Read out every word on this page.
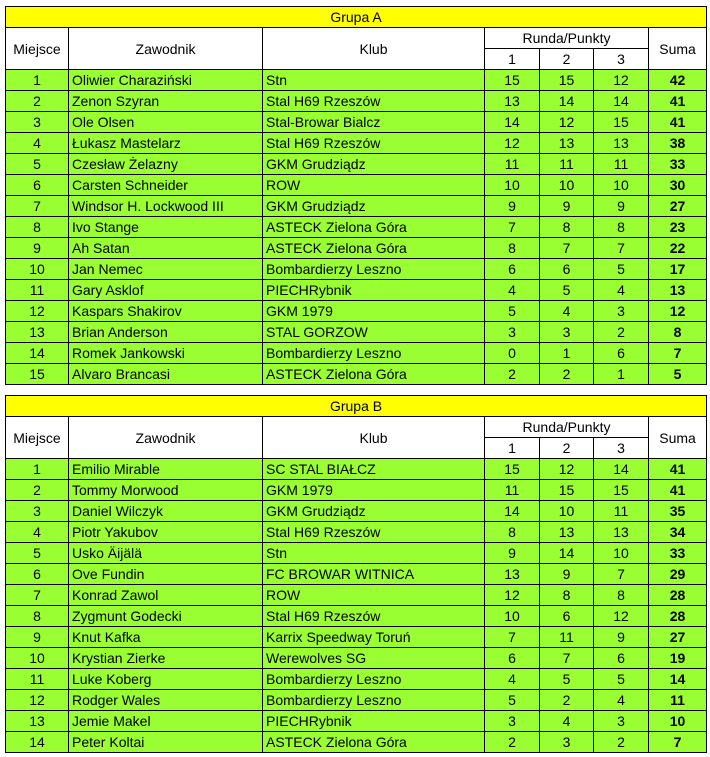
Grupa A						
Miejsce	Zawodnik	Klub	Runda/Punkty			Suma
			1	2	3	
1	Oliwier Charaziński	Stn	15	15	12	42
2	Zenon Szyran	Stal H69 Rzeszów	13	14	14	41
3	Ole Olsen	Stal-Browar Bialcz	14	12	15	41
4	Łukasz Mastelarz	Stal H69 Rzeszów	12	13	13	38
5	Czesław Żelazny	GKM Grudziądz	11	11	11	33
6	Carsten Schneider	ROW	10	10	10	30
7	Windsor H. Lockwood III	GKM Grudziądz	9	9	9	27
8	Ivo Stange	ASTECK Zielona Góra	7	8	8	23
9	Ah Satan	ASTECK Zielona Góra	8	7	7	22
10	Jan Nemec	Bombardierzy Leszno	6	6	5	17
11	Gary Asklof	PIECHRybnik	4	5	4	13
12	Kaspars Shakirov	GKM 1979	5	4	3	12
13	Brian Anderson	STAL GORZOW	3	3	2	8
14	Romek Jankowski	Bombardierzy Leszno	0	1	6	7
15	Alvaro Brancasi	ASTECK Zielona Góra	2	2	1	5
Grupa B						
Miejsce	Zawodnik	Klub	Runda/Punkty			Suma
			1	2	3	
1	Emilio Mirable	SC STAL BIAŁCZ	15	12	14	41
2	Tommy Morwood	GKM 1979	11	15	15	41
3	Daniel Wilczyk	GKM Grudziądz	14	10	11	35
4	Piotr Yakubov	Stal H69 Rzeszów	8	13	13	34
5	Usko Äijälä	Stn	9	14	10	33
6	Ove Fundin	FC BROWAR WITNICA	13	9	7	29
7	Konrad Zawol	ROW	12	8	8	28
8	Zygmunt Godecki	Stal H69 Rzeszów	10	6	12	28
9	Knut Kafka	Karrix Speedway Toruń	7	11	9	27
10	Krystian Zierke	Werewolves SG	6	7	6	19
11	Luke Koberg	Bombardierzy Leszno	4	5	5	14
12	Rodger Wales	Bombardierzy Leszno	5	2	4	11
13	Jemie Makel	PIECHRybnik	3	4	3	10
14	Peter Koltai	ASTECK Zielona Góra	2	3	2	7
